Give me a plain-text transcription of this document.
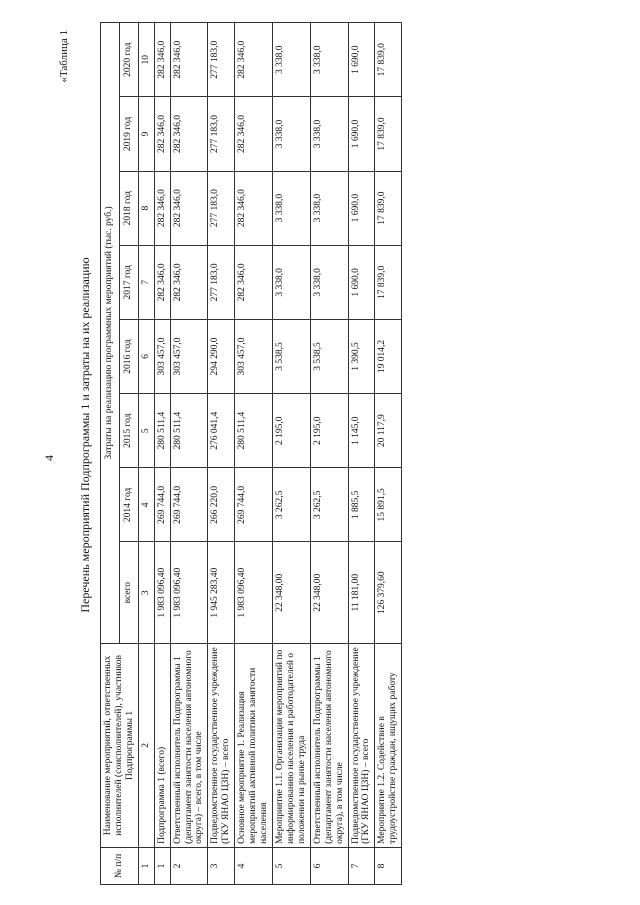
4
«Таблица 1
Перечень мероприятий Подпрограммы 1 и затраты на их реализацию
№ п/п	Наименование мероприятий, ответственных исполнителей (соисполнителей), участников Подпрограммы 1	Затраты на реализацию программных мероприятий (тыс. руб.)							
		всего	2014 год	2015 год	2016 год	2017 год	2018 год	2019 год	2020 год
1	2	3	4	5	6	7	8	9	10
1	Подпрограмма 1 (всего)	1 983 096,40	269 744,0	280 511,4	303 457,0	282 346,0	282 346,0	282 346,0	282 346,0
2	Ответственный исполнитель Подпрограммы 1 (департамент занятости населения автономного округа) – всего, в том числе	1 983 096,40	269 744,0	280 511,4	303 457,0	282 346,0	282 346,0	282 346,0	282 346,0
3	Подведомственное государственное учреждение (ГКУ ЯНАО ЦЗН) – всего	1 945 283,40	266 220,0	276 041,4	294 290,0	277 183,0	277 183,0	277 183,0	277 183,0
4	Основное мероприятие 1. Реализация мероприятий активной политики занятости населения	1 983 096,40	269 744,0	280 511,4	303 457,0	282 346,0	282 346,0	282 346,0	282 346,0
5	Мероприятие 1.1. Организация мероприятий по информированию населения и работодателей о положении на рынке труда	22 348,00	3 262,5	2 195,0	3 538,5	3 338,0	3 338,0	3 338,0	3 338,0
6	Ответственный исполнитель Подпрограммы 1 (департамент занятости населения автономного округа), в том числе	22 348,00	3 262,5	2 195,0	3 538,5	3 338,0	3 338,0	3 338,0	3 338,0
7	Подведомственное государственное учреждение (ГКУ ЯНАО ЦЗН) – всего	11 181,00	1 885,5	1 145,0	1 390,5	1 690,0	1 690,0	1 690,0	1 690,0
8	Мероприятие 1.2. Содействие в трудоустройстве граждан, ищущих работу	126 379,60	15 891,5	20 117,9	19 014,2	17 839,0	17 839,0	17 839,0	17 839,0
